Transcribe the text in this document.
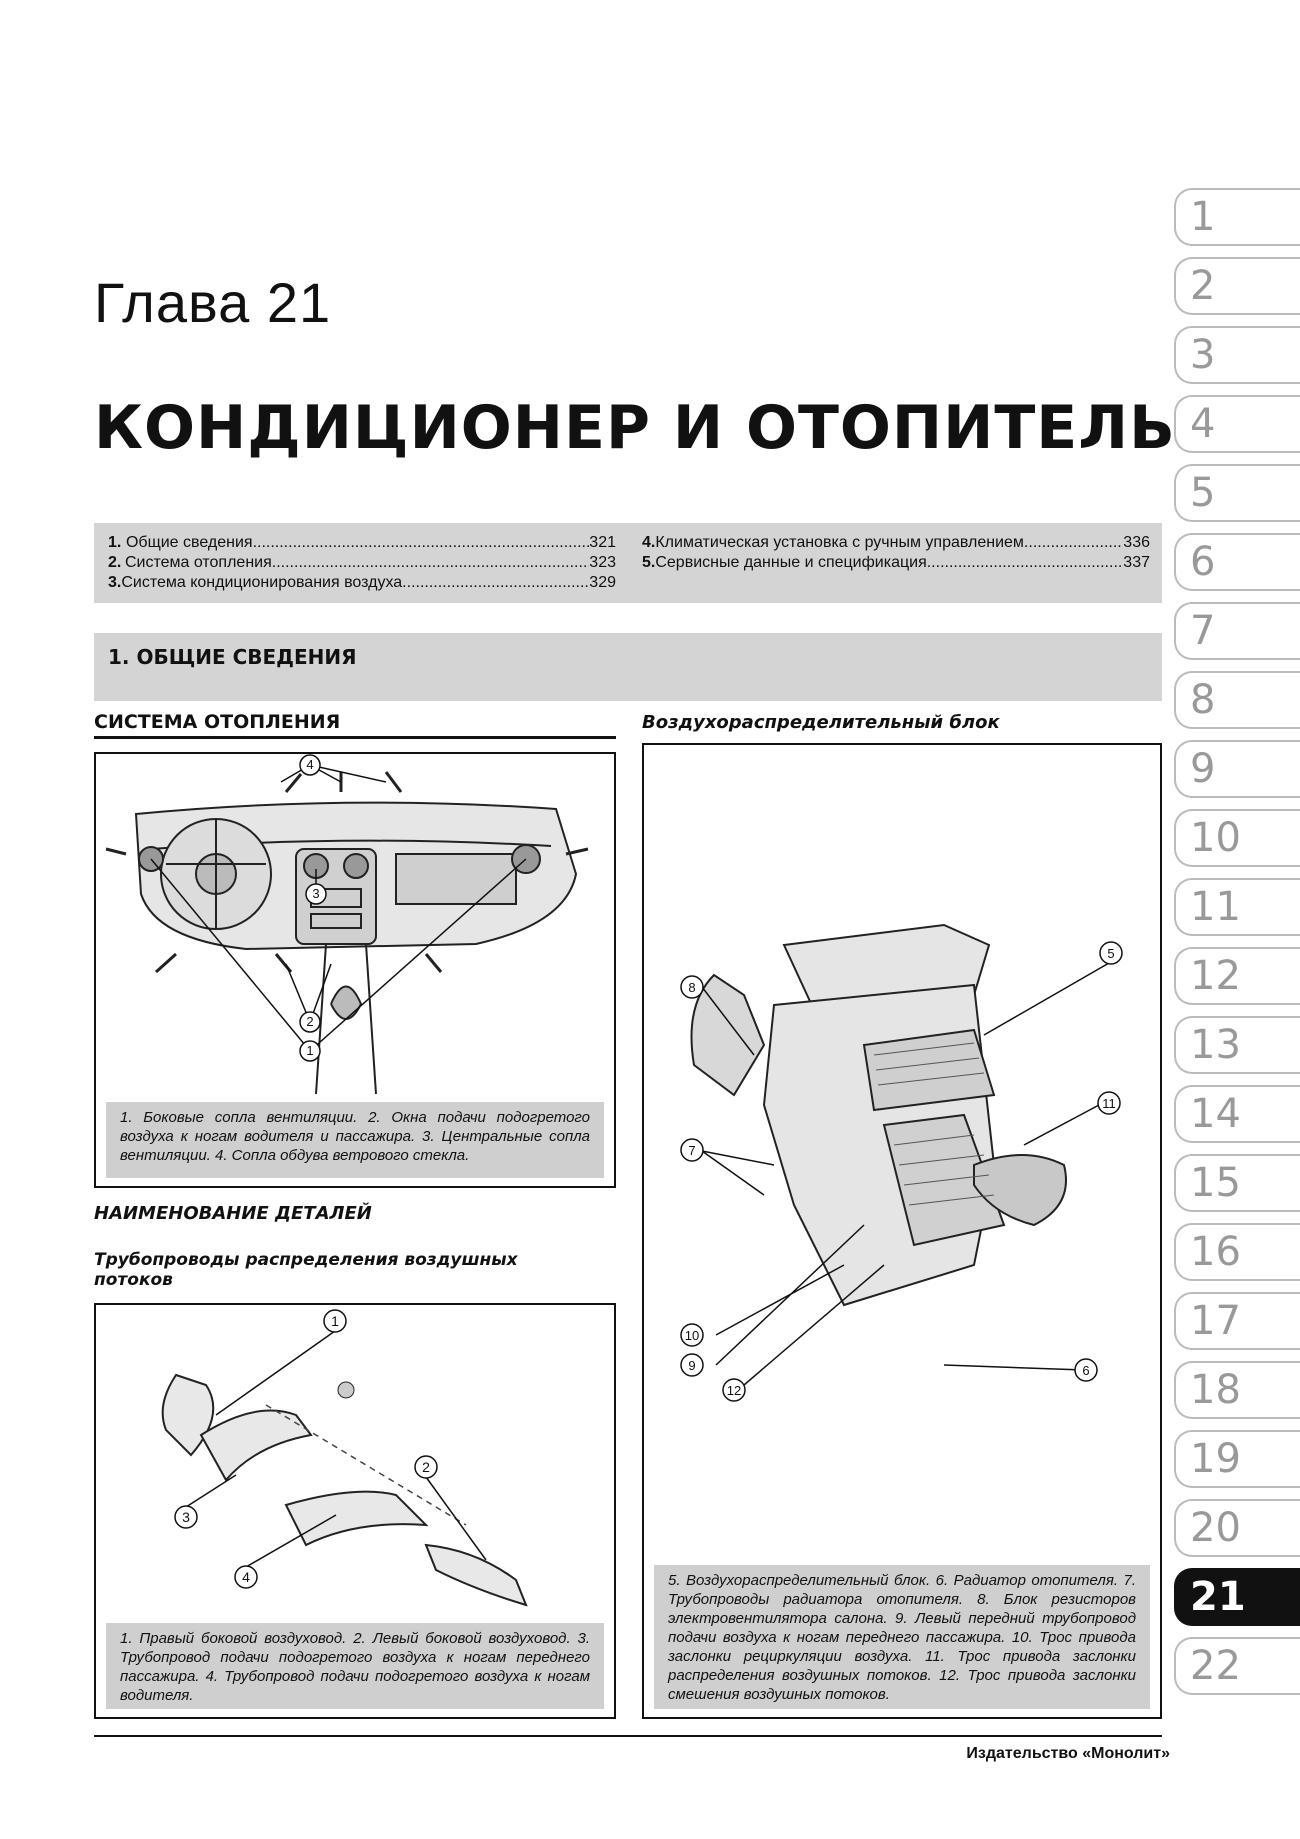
Глава 21
КОНДИЦИОНЕР И ОТОПИТЕЛЬ
1. Общие сведения .....	321
2. Система отопления .....	323
3. Система кондиционирования воздуха .....	329
4. Климатическая установка с ручным управлением .....	336
5. Сервисные данные и спецификация .....	337
1. ОБЩИЕ СВЕДЕНИЯ
СИСТЕМА ОТОПЛЕНИЯ	Воздухораспределительный блок
4
2
1
3
1. Боковые сопла вентиляции. 2. Окна подачи подогретого воздуха к ногам водителя и пассажира. 3. Центральные сопла вентиляции. 4. Сопла обдува ветрового стекла.
НАИМЕНОВАНИЕ ДЕТАЛЕЙ
Трубопроводы распределения воздушных потоков
1
2
3
4
1. Правый боковой воздуховод. 2. Левый боковой воздуховод. 3. Трубопровод подачи подогретого воздуха к ногам переднего пассажира. 4. Трубопровод подачи подогретого воздуха к ногам водителя.
5
6
7
8
9
10
11
12
5. Воздухораспределительный блок. 6. Радиатор отопителя. 7. Трубопроводы радиатора отопителя. 8. Блок резисторов электровентилятора салона. 9. Левый передний трубопровод подачи воздуха к ногам переднего пассажира. 10. Трос привода заслонки рециркуляции воздуха. 11. Трос привода заслонки распределения воздушных потоков. 12. Трос привода заслонки смешения воздушных потоков.
Издательство «Монолит»
1
2
3
4
5
6
7
8
9
10
11
12
13
14
15
16
17
18
19
20
21
22
